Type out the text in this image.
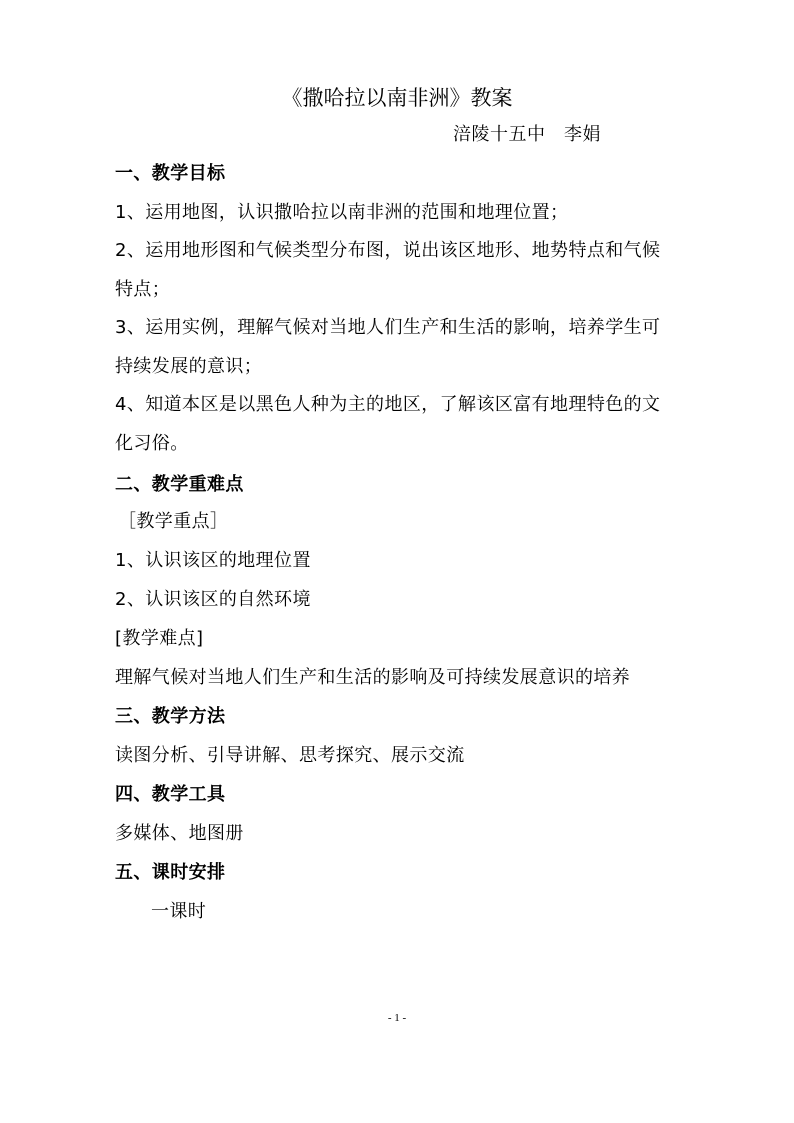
《撒哈拉以南非洲》教案
涪陵十五中　李娟
一、教学目标
1、运用地图，认识撒哈拉以南非洲的范围和地理位置；
2、运用地形图和气候类型分布图，说出该区地形、地势特点和气候
特点；
3、运用实例，理解气候对当地人们生产和生活的影响，培养学生可
持续发展的意识；
4、知道本区是以黑色人种为主的地区，了解该区富有地理特色的文
化习俗。
二、教学重难点
［教学重点］
1、认识该区的地理位置
2、认识该区的自然环境
[教学难点]
理解气候对当地人们生产和生活的影响及可持续发展意识的培养
三、教学方法
读图分析、引导讲解、思考探究、展示交流
四、教学工具
多媒体、地图册
五、课时安排
一课时
- 1 -
